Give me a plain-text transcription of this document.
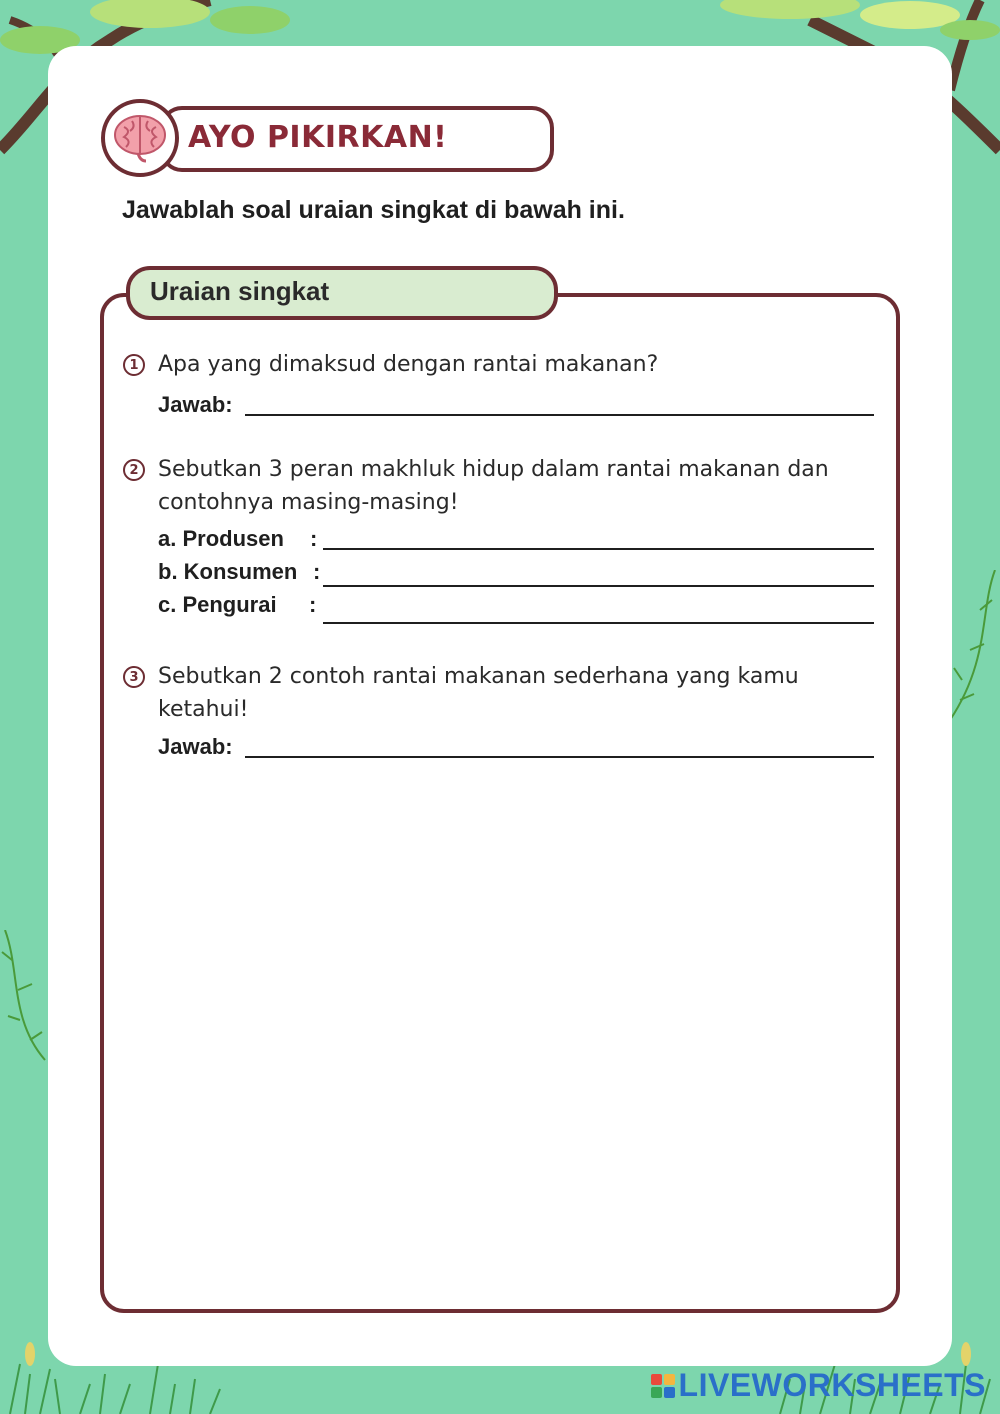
AYO PIKIRKAN!
Jawablah soal uraian singkat di bawah ini.
Uraian singkat
1 Apa yang dimaksud dengan rantai makanan?
Jawab:
2 Sebutkan 3 peran makhluk hidup dalam rantai makanan dan contohnya masing-masing!
a. Produsen :
b. Konsumen :
c. Pengurai :
3 Sebutkan 2 contoh rantai makanan sederhana yang kamu ketahui!
Jawab:
LIVEWORKSHEETS
